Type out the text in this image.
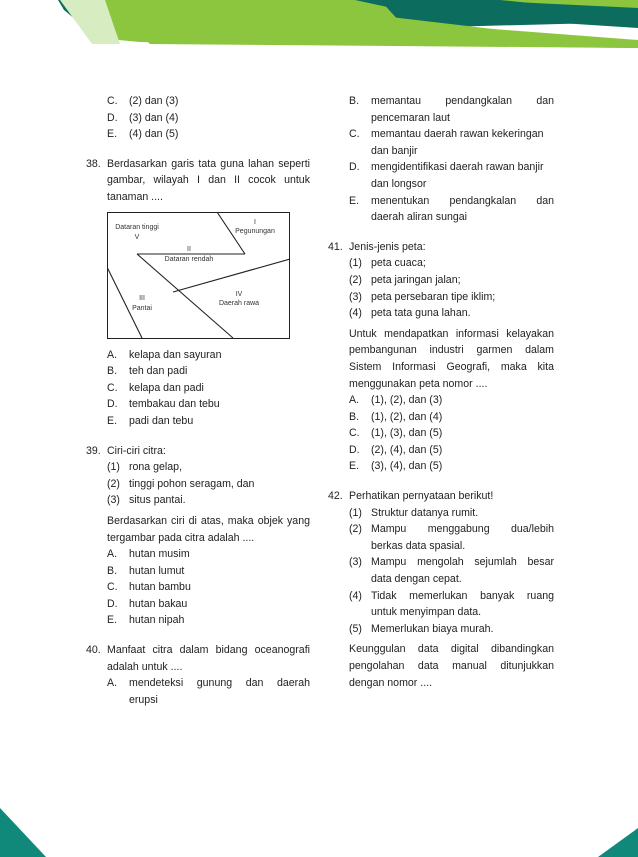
C.	(2) dan (3)
D.	(3) dan (4)
E.	(4) dan (5)
38. Berdasarkan garis tata guna lahan seperti
gambar, wilayah I dan II cocok untuk
tanaman ....
Dataran tinggi
V
I
Pegunungan
II
Dataran rendah
III
Pantai
IV
Daerah rawa
A.	kelapa dan sayuran
B.	teh dan padi
C.	kelapa dan padi
D.	tembakau dan tebu
E.	padi dan tebu
39. Ciri-ciri citra:
(1) rona gelap,
(2) tinggi pohon seragam, dan
(3) situs pantai.
Berdasarkan ciri di atas, maka objek yang
tergambar pada citra adalah ....
A.	hutan musim
B.	hutan lumut
C.	hutan bambu
D.	hutan bakau
E.	hutan nipah
40. Manfaat citra dalam bidang oceanografi
adalah untuk ....
A.	mendeteksi gunung dan daerah
erupsi
B.	memantau pendangkalan dan
pencemaran laut
C.	memantau daerah rawan kekeringan
dan banjir
D.	mengidentifikasi daerah rawan banjir
dan longsor
E.	menentukan pendangkalan dan
daerah aliran sungai
41. Jenis-jenis peta:
(1) peta cuaca;
(2) peta jaringan jalan;
(3) peta persebaran tipe iklim;
(4) peta tata guna lahan.
Untuk mendapatkan informasi kelayakan
pembangunan industri garmen dalam
Sistem Informasi Geografi, maka kita
menggunakan peta nomor ....
A.	(1), (2), dan (3)
B.	(1), (2), dan (4)
C.	(1), (3), dan (5)
D.	(2), (4), dan (5)
E.	(3), (4), dan (5)
42. Perhatikan pernyataan berikut!
(1) Struktur datanya rumit.
(2) Mampu menggabung dua/lebih
berkas data spasial.
(3) Mampu mengolah sejumlah besar
data dengan cepat.
(4) Tidak memerlukan banyak ruang
untuk menyimpan data.
(5) Memerlukan biaya murah.
Keunggulan data digital dibandingkan
pengolahan data manual ditunjukkan
dengan nomor ....
